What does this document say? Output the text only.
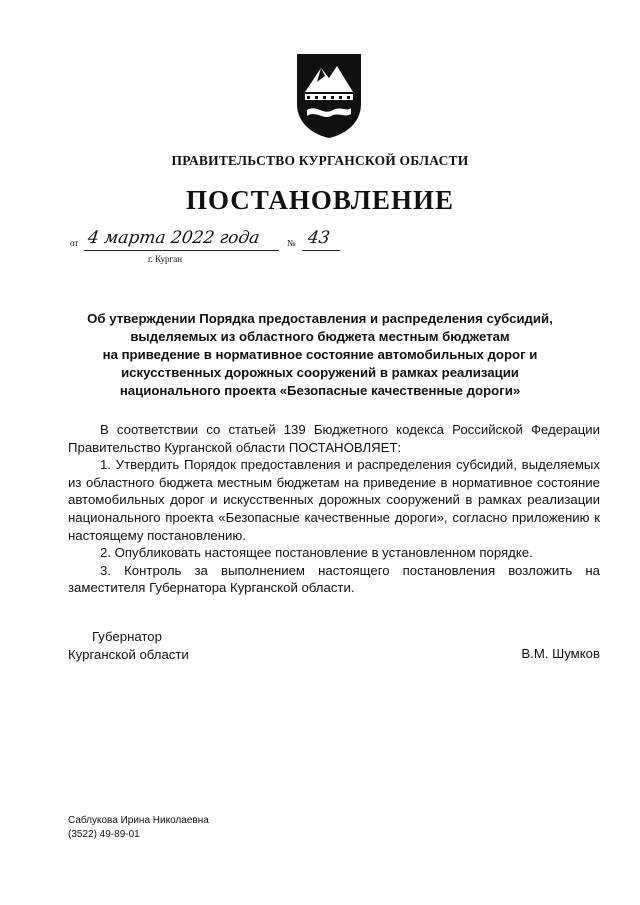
ПРАВИТЕЛЬСТВО КУРГАНСКОЙ ОБЛАСТИ
ПОСТАНОВЛЕНИЕ
от 4 марта 2022 года	№ 43
г. Курган
Об утверждении Порядка предоставления и распределения субсидий,
выделяемых из областного бюджета местным бюджетам
на приведение в нормативное состояние автомобильных дорог и
искусственных дорожных сооружений в рамках реализации
национального проекта «Безопасные качественные дороги»

В соответствии со статьей 139 Бюджетного кодекса Российской Федерации Правительство Курганской области ПОСТАНОВЛЯЕТ:

1. Утвердить Порядок предоставления и распределения субсидий, выделяемых из областного бюджета местным бюджетам на приведение в нормативное состояние автомобильных дорог и искусственных дорожных сооружений в рамках реализации национального проекта «Безопасные качественные дороги», согласно приложению к настоящему постановлению.

2. Опубликовать настоящее постановление в установленном порядке.

3. Контроль за выполнением настоящего постановления возложить на заместителя Губернатора Курганской области.

Губернатор
Курганской области	В.М. Шумков
Саблукова Ирина Николаевна
(3522) 49-89-01
